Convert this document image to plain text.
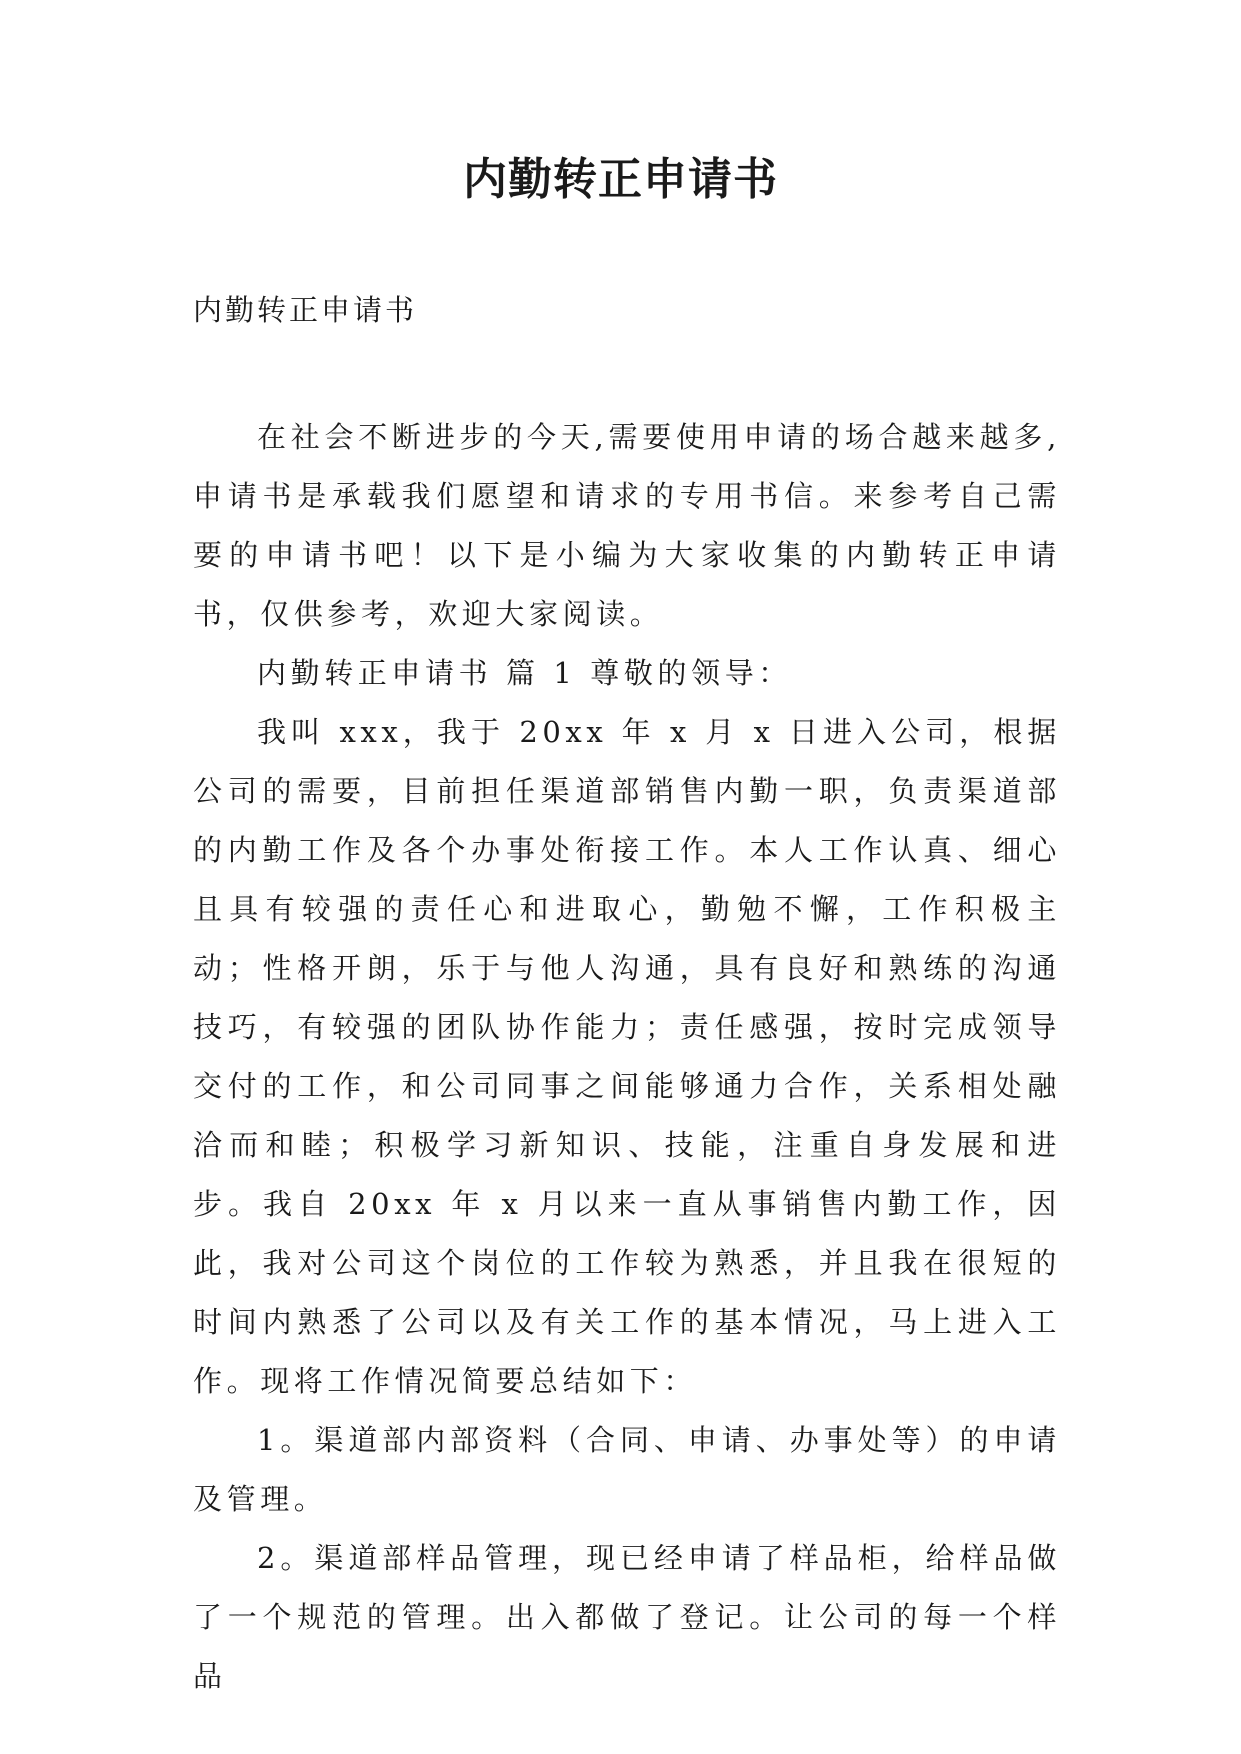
内勤转正申请书

内勤转正申请书

在社会不断进步的今天,需要使用申请的场合越来越多,申请书是承载我们愿望和请求的专用书信。来参考自己需要的申请书吧！以下是小编为大家收集的内勤转正申请书，仅供参考，欢迎大家阅读。

内勤转正申请书 篇 1 尊敬的领导：

我叫 xxx，我于 20xx 年 x 月 x 日进入公司，根据公司的需要，目前担任渠道部销售内勤一职，负责渠道部的内勤工作及各个办事处衔接工作。本人工作认真、细心且具有较强的责任心和进取心，勤勉不懈，工作积极主动；性格开朗，乐于与他人沟通，具有良好和熟练的沟通技巧，有较强的团队协作能力；责任感强，按时完成领导交付的工作，和公司同事之间能够通力合作，关系相处融洽而和睦；积极学习新知识、技能，注重自身发展和进步。我自 20xx 年 x 月以来一直从事销售内勤工作，因此，我对公司这个岗位的工作较为熟悉，并且我在很短的时间内熟悉了公司以及有关工作的基本情况，马上进入工作。现将工作情况简要总结如下：

1。渠道部内部资料（合同、申请、办事处等）的申请及管理。

2。渠道部样品管理，现已经申请了样品柜，给样品做了一个规范的管理。出入都做了登记。让公司的每一个样品
